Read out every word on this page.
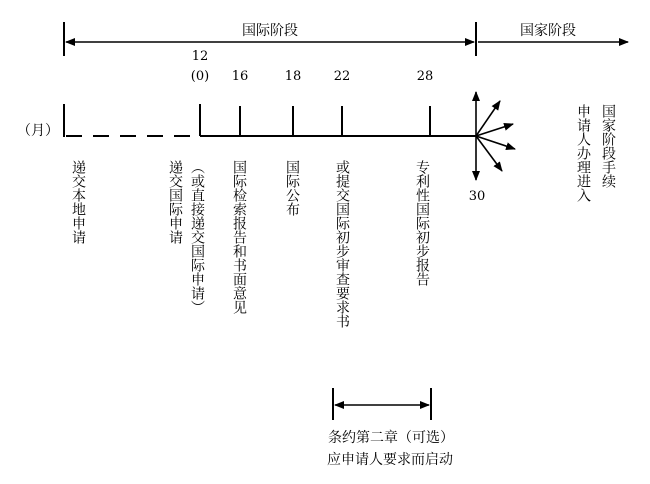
国际阶段	国家阶段
（月）
12
(0) 16	18 22	28
30
递交本地申请	递交国际申请 （或直接递交国际申请） 国际检索报告和书面意见	国际公布 或提交国际初步审查要求书	专利性国际初步报告
申请人办理进入 国家阶段手续
条约第二章（可选）
应申请人要求而启动
